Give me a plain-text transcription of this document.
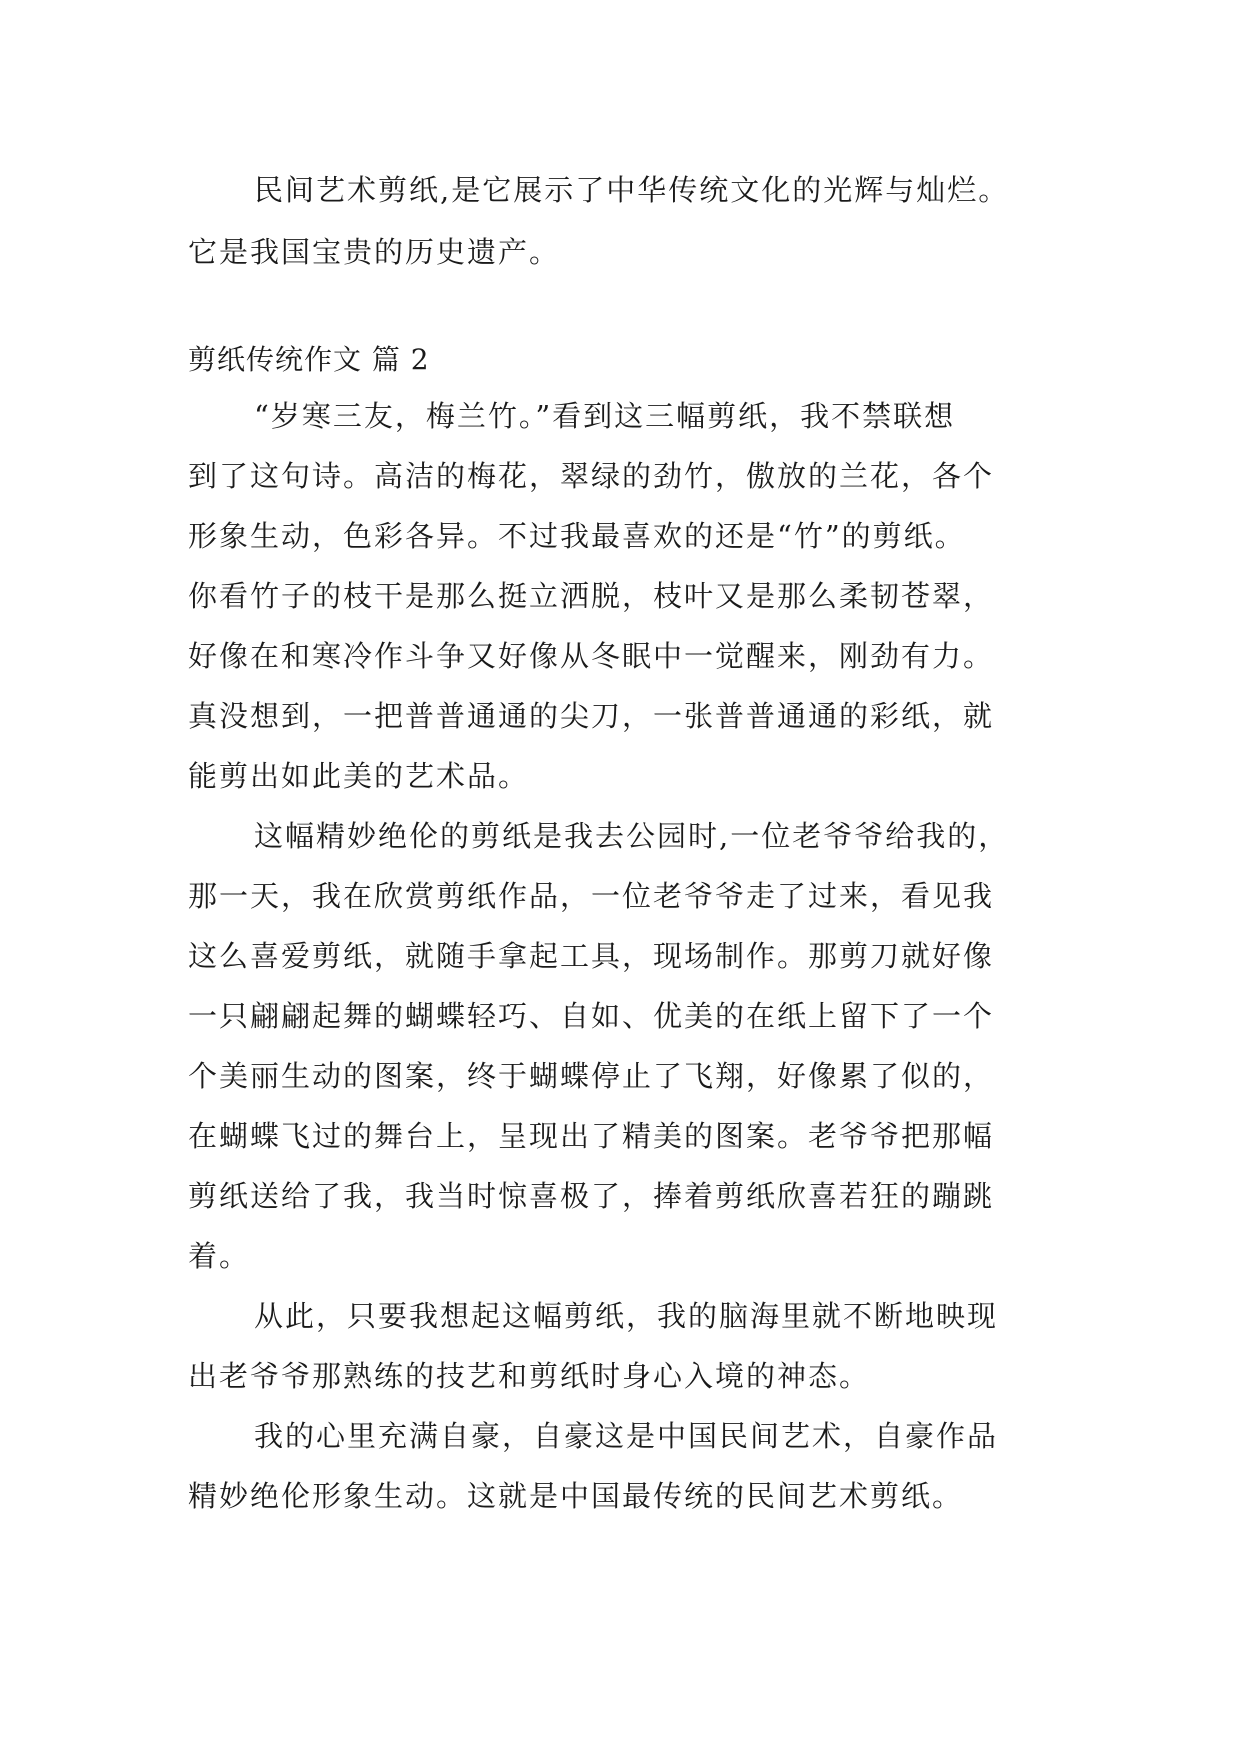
民间艺术剪纸,是它展示了中华传统文化的光辉与灿烂。
它是我国宝贵的历史遗产。
剪纸传统作文 篇 2
“岁寒三友，梅兰竹。”看到这三幅剪纸，我不禁联想
到了这句诗。高洁的梅花，翠绿的劲竹，傲放的兰花，各个
形象生动，色彩各异。不过我最喜欢的还是“竹”的剪纸。
你看竹子的枝干是那么挺立洒脱，枝叶又是那么柔韧苍翠，
好像在和寒冷作斗争又好像从冬眠中一觉醒来，刚劲有力。
真没想到，一把普普通通的尖刀，一张普普通通的彩纸，就
能剪出如此美的艺术品。
这幅精妙绝伦的剪纸是我去公园时,一位老爷爷给我的，
那一天，我在欣赏剪纸作品，一位老爷爷走了过来，看见我
这么喜爱剪纸，就随手拿起工具，现场制作。那剪刀就好像
一只翩翩起舞的蝴蝶轻巧、自如、优美的在纸上留下了一个
个美丽生动的图案，终于蝴蝶停止了飞翔，好像累了似的，
在蝴蝶飞过的舞台上，呈现出了精美的图案。老爷爷把那幅
剪纸送给了我，我当时惊喜极了，捧着剪纸欣喜若狂的蹦跳
着。
从此，只要我想起这幅剪纸，我的脑海里就不断地映现
出老爷爷那熟练的技艺和剪纸时身心入境的神态。
我的心里充满自豪，自豪这是中国民间艺术，自豪作品
精妙绝伦形象生动。这就是中国最传统的民间艺术剪纸。
